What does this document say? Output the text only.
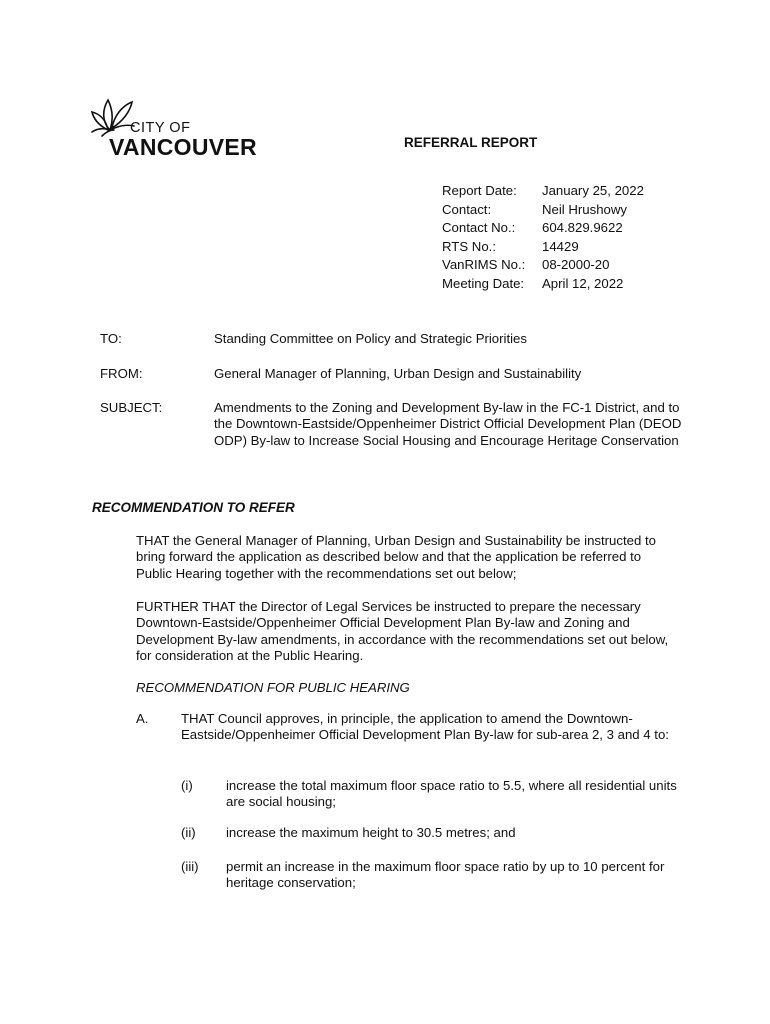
CITY OF
VANCOUVER	REFERRAL REPORT
Report Date: January 25, 2022
Contact:	Neil Hrushowy
Contact No.: 604.829.9622
RTS No.:	14429
VanRIMS No.: 08-2000-20
Meeting Date: April 12, 2022
TO:	Standing Committee on Policy and Strategic Priorities
FROM:	General Manager of Planning, Urban Design and Sustainability
SUBJECT:	Amendments to the Zoning and Development By-law in the FC-1 District, and to the Downtown-Eastside/Oppenheimer District Official Development Plan (DEOD ODP) By-law to Increase Social Housing and Encourage Heritage Conservation
RECOMMENDATION TO REFER
THAT the General Manager of Planning, Urban Design and Sustainability be instructed to bring forward the application as described below and that the application be referred to Public Hearing together with the recommendations set out below;
FURTHER THAT the Director of Legal Services be instructed to prepare the necessary Downtown-Eastside/Oppenheimer Official Development Plan By-law and Zoning and Development By-law amendments, in accordance with the recommendations set out below, for consideration at the Public Hearing.
RECOMMENDATION FOR PUBLIC HEARING
A. THAT Council approves, in principle, the application to amend the Downtown-Eastside/Oppenheimer Official Development Plan By-law for sub-area 2, 3 and 4 to:
(i)	increase the total maximum floor space ratio to 5.5, where all residential units are social housing;
(ii) increase the maximum height to 30.5 metres; and
(iii) permit an increase in the maximum floor space ratio by up to 10 percent for heritage conservation;
